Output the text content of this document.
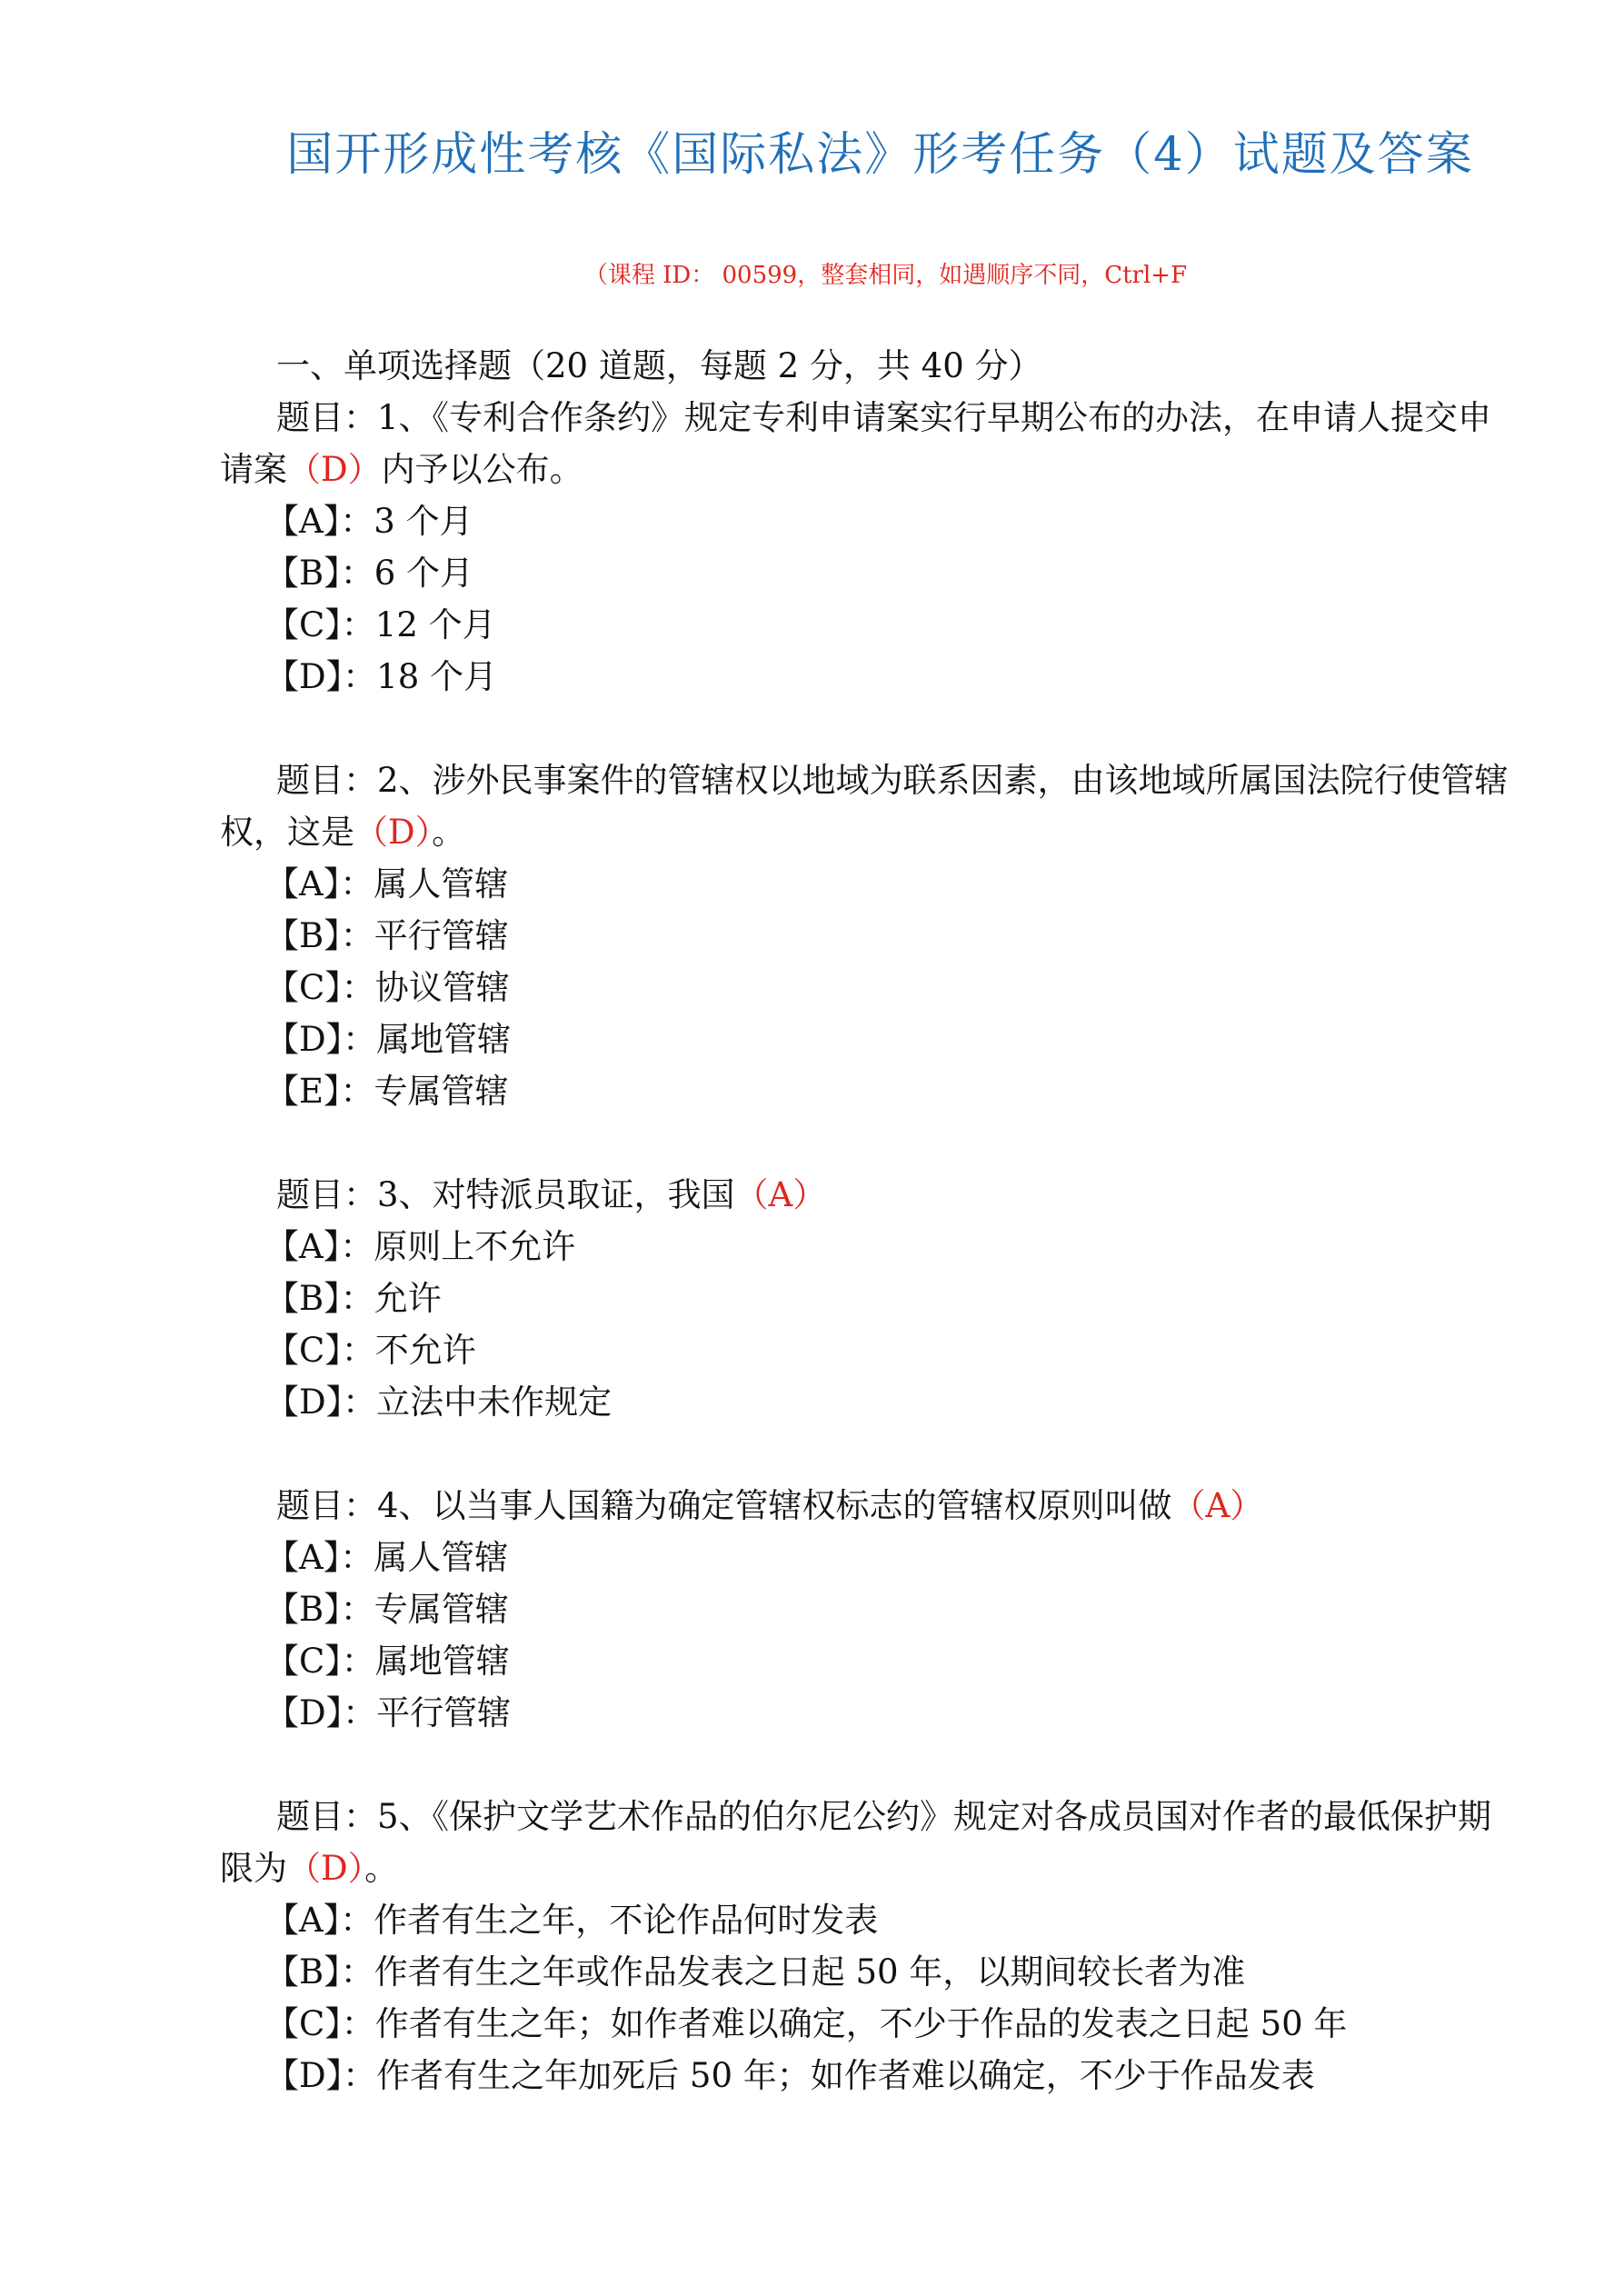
国开形成性考核《国际私法》形考任务（4）试题及答案
（课程 ID： 00599，整套相同，如遇顺序不同，Ctrl+F
一、单项选择题（20 道题，每题 2 分，共 40 分）
题目：1、《专利合作条约》规定专利申请案实行早期公布的办法，在申请人提交申请案（D）内予以公布。
【A】：3 个月
【B】：6 个月
【C】：12 个月
【D】：18 个月
题目：2、涉外民事案件的管辖权以地域为联系因素，由该地域所属国法院行使管辖权，这是（D）。
【A】：属人管辖
【B】：平行管辖
【C】：协议管辖
【D】：属地管辖
【E】：专属管辖
题目：3、对特派员取证，我国（A）
【A】：原则上不允许
【B】：允许
【C】：不允许
【D】：立法中未作规定
题目：4、以当事人国籍为确定管辖权标志的管辖权原则叫做（A）
【A】：属人管辖
【B】：专属管辖
【C】：属地管辖
【D】：平行管辖
题目：5、《保护文学艺术作品的伯尔尼公约》规定对各成员国对作者的最低保护期限为（D）。
【A】：作者有生之年，不论作品何时发表
【B】：作者有生之年或作品发表之日起 50 年，以期间较长者为准
【C】：作者有生之年；如作者难以确定，不少于作品的发表之日起 50 年
【D】：作者有生之年加死后 50 年；如作者难以确定，不少于作品发表
